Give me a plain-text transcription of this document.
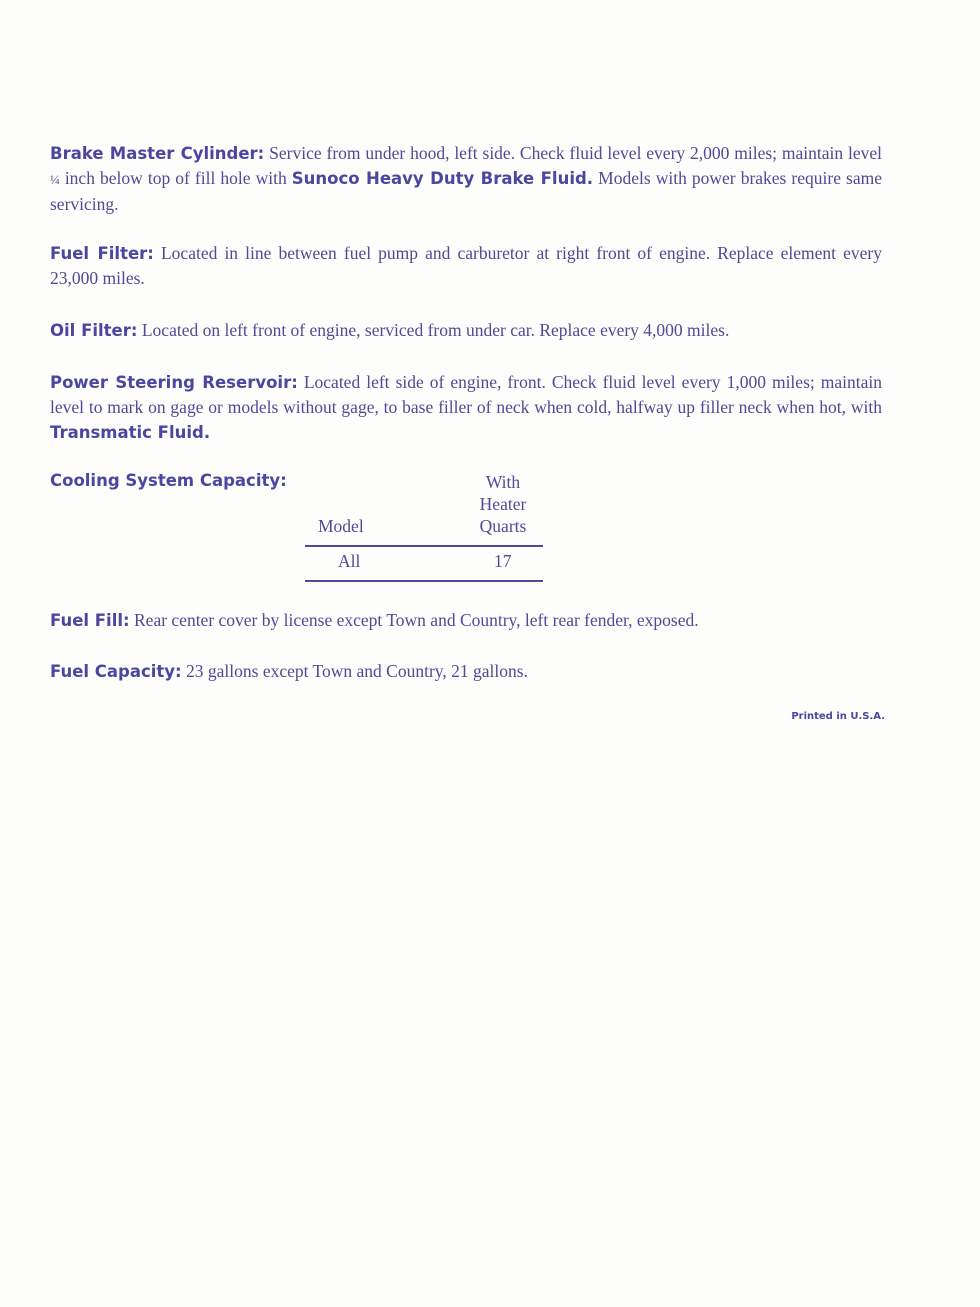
Brake Master Cylinder: Service from under hood, left side. Check fluid level every 2,000 miles; maintain level ¼ inch below top of fill hole with Sunoco Heavy Duty Brake Fluid. Models with power brakes require same servicing.
Fuel Filter: Located in line between fuel pump and carburetor at right front of engine. Replace element every 23,000 miles.
Oil Filter: Located on left front of engine, serviced from under car. Replace every 4,000 miles.
Power Steering Reservoir: Located left side of engine, front. Check fluid level every 1,000 miles; maintain level to mark on gage or models without gage, to base filler of neck when cold, halfway up filler neck when hot, with Transmatic Fluid.
Cooling System Capacity:	With
Heater
Quarts
Model
All	17
Fuel Fill: Rear center cover by license except Town and Country, left rear fender, exposed.
Fuel Capacity: 23 gallons except Town and Country, 21 gallons.
Printed in U.S.A.
